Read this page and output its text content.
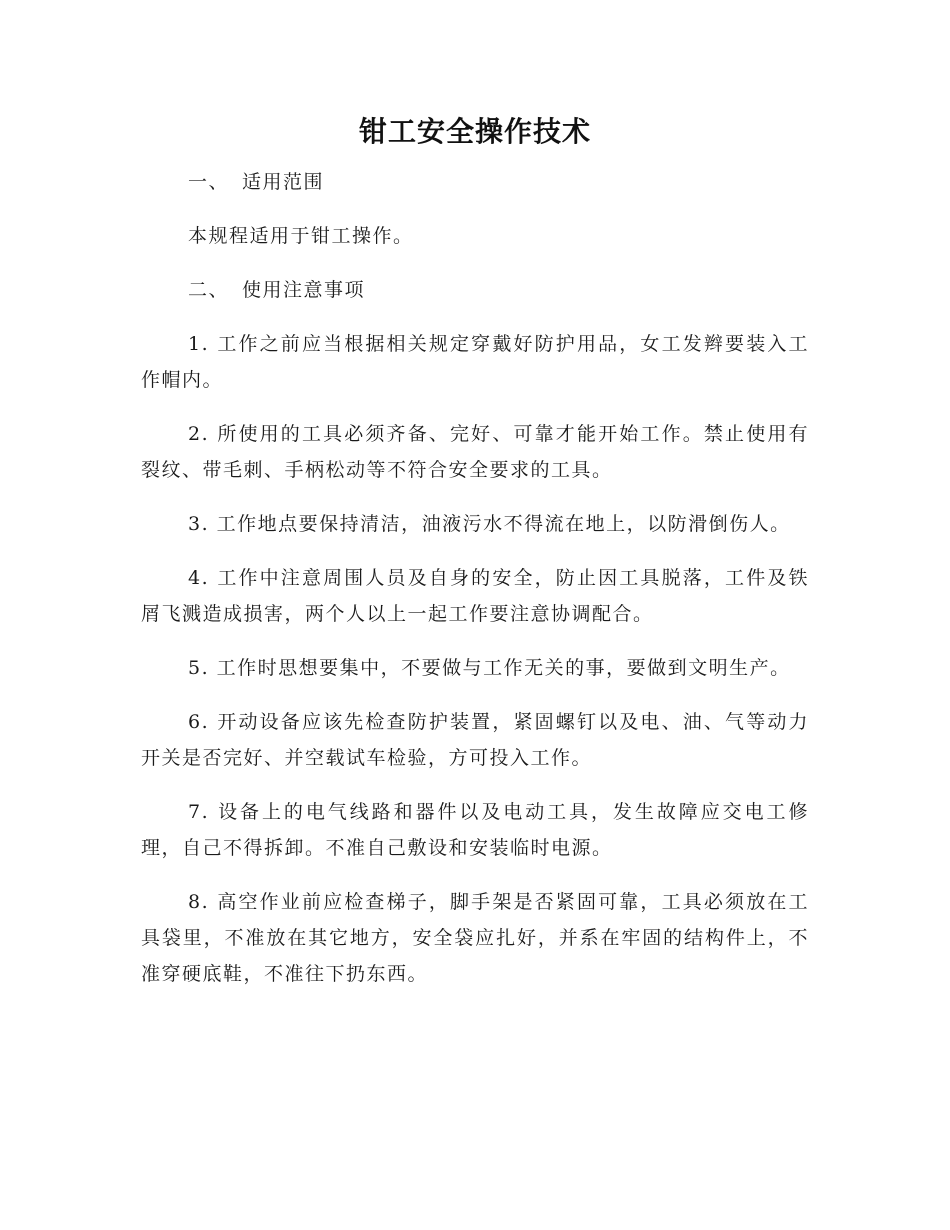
钳工安全操作技术

一、 适用范围

本规程适用于钳工操作。

二、 使用注意事项

1. 工作之前应当根据相关规定穿戴好防护用品，女工发辫要装入工作帽内。

2. 所使用的工具必须齐备、完好、可靠才能开始工作。禁止使用有裂纹、带毛刺、手柄松动等不符合安全要求的工具。

3. 工作地点要保持清洁，油液污水不得流在地上，以防滑倒伤人。

4. 工作中注意周围人员及自身的安全，防止因工具脱落，工件及铁屑飞溅造成损害，两个人以上一起工作要注意协调配合。

5. 工作时思想要集中，不要做与工作无关的事，要做到文明生产。

6. 开动设备应该先检查防护装置，紧固螺钉以及电、油、气等动力开关是否完好、并空载试车检验，方可投入工作。

7. 设备上的电气线路和器件以及电动工具，发生故障应交电工修理，自己不得拆卸。不准自己敷设和安装临时电源。

8. 高空作业前应检查梯子，脚手架是否紧固可靠，工具必须放在工具袋里，不准放在其它地方，安全袋应扎好，并系在牢固的结构件上，不准穿硬底鞋，不准往下扔东西。
